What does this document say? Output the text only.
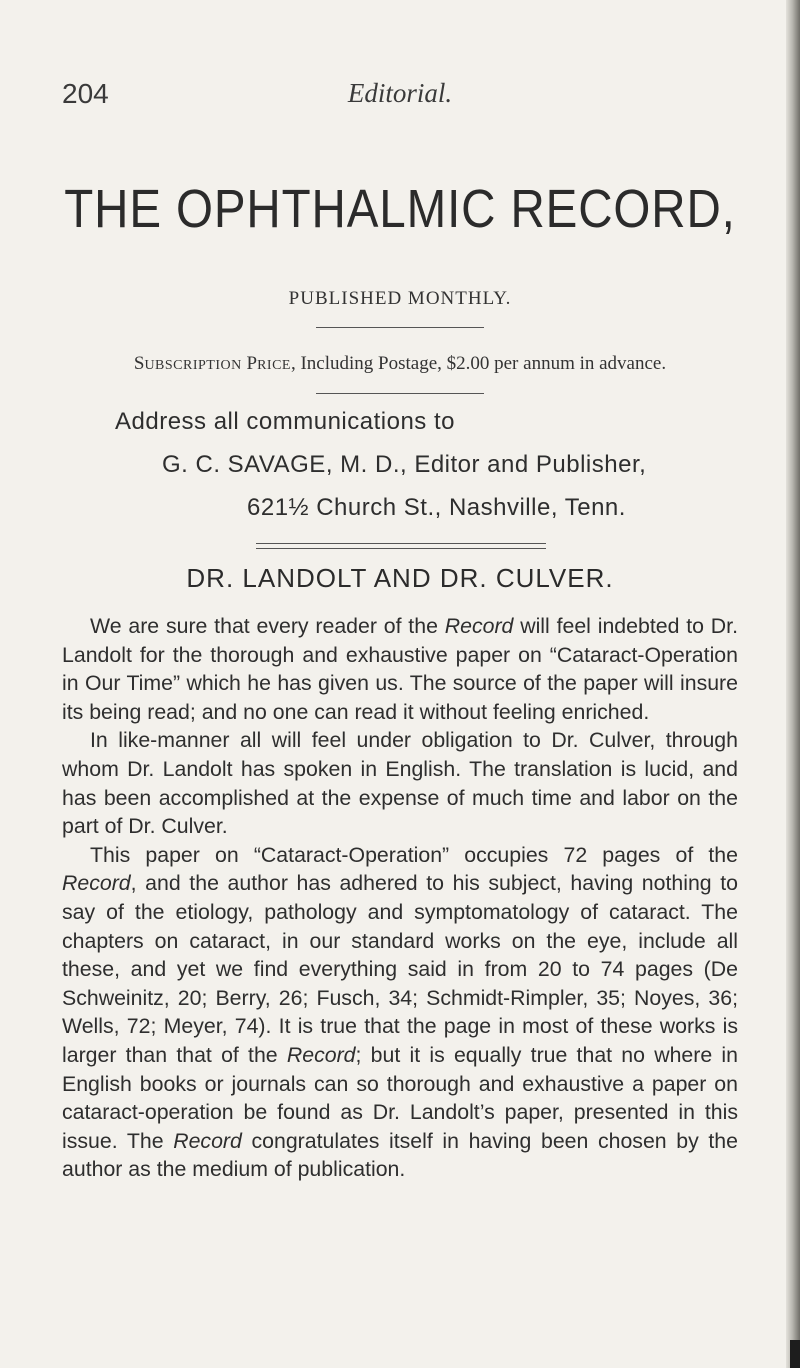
204	Editorial.
THE OPHTHALMIC RECORD,
PUBLISHED MONTHLY.
SUBSCRIPTION PRICE, Including Postage, $2.00 per annum in advance.
Address all communications to
G. C. SAVAGE, M. D., Editor and Publisher,
621½ Church St., Nashville, Tenn.
DR. LANDOLT AND DR. CULVER.

We are sure that every reader of the Record will feel indebted to Dr. Landolt for the thorough and exhaustive paper on “Cataract-Operation in Our Time” which he has given us. The source of the paper will insure its being read; and no one can read it without feeling enriched.

In like-manner all will feel under obligation to Dr. Culver, through whom Dr. Landolt has spoken in English. The translation is lucid, and has been accomplished at the expense of much time and labor on the part of Dr. Culver.

This paper on “Cataract-Operation” occupies 72 pages of the Record, and the author has adhered to his subject, having nothing to say of the etiology, pathology and symptomatology of cataract. The chapters on cataract, in our standard works on the eye, include all these, and yet we find everything said in from 20 to 74 pages (De Schweinitz, 20; Berry, 26; Fusch, 34; Schmidt-Rimpler, 35; Noyes, 36; Wells, 72; Meyer, 74). It is true that the page in most of these works is larger than that of the Record; but it is equally true that no where in English books or journals can so thorough and exhaustive a paper on cataract-operation be found as Dr. Landolt’s paper, presented in this issue. The Record congratulates itself in having been chosen by the author as the medium of publication.
